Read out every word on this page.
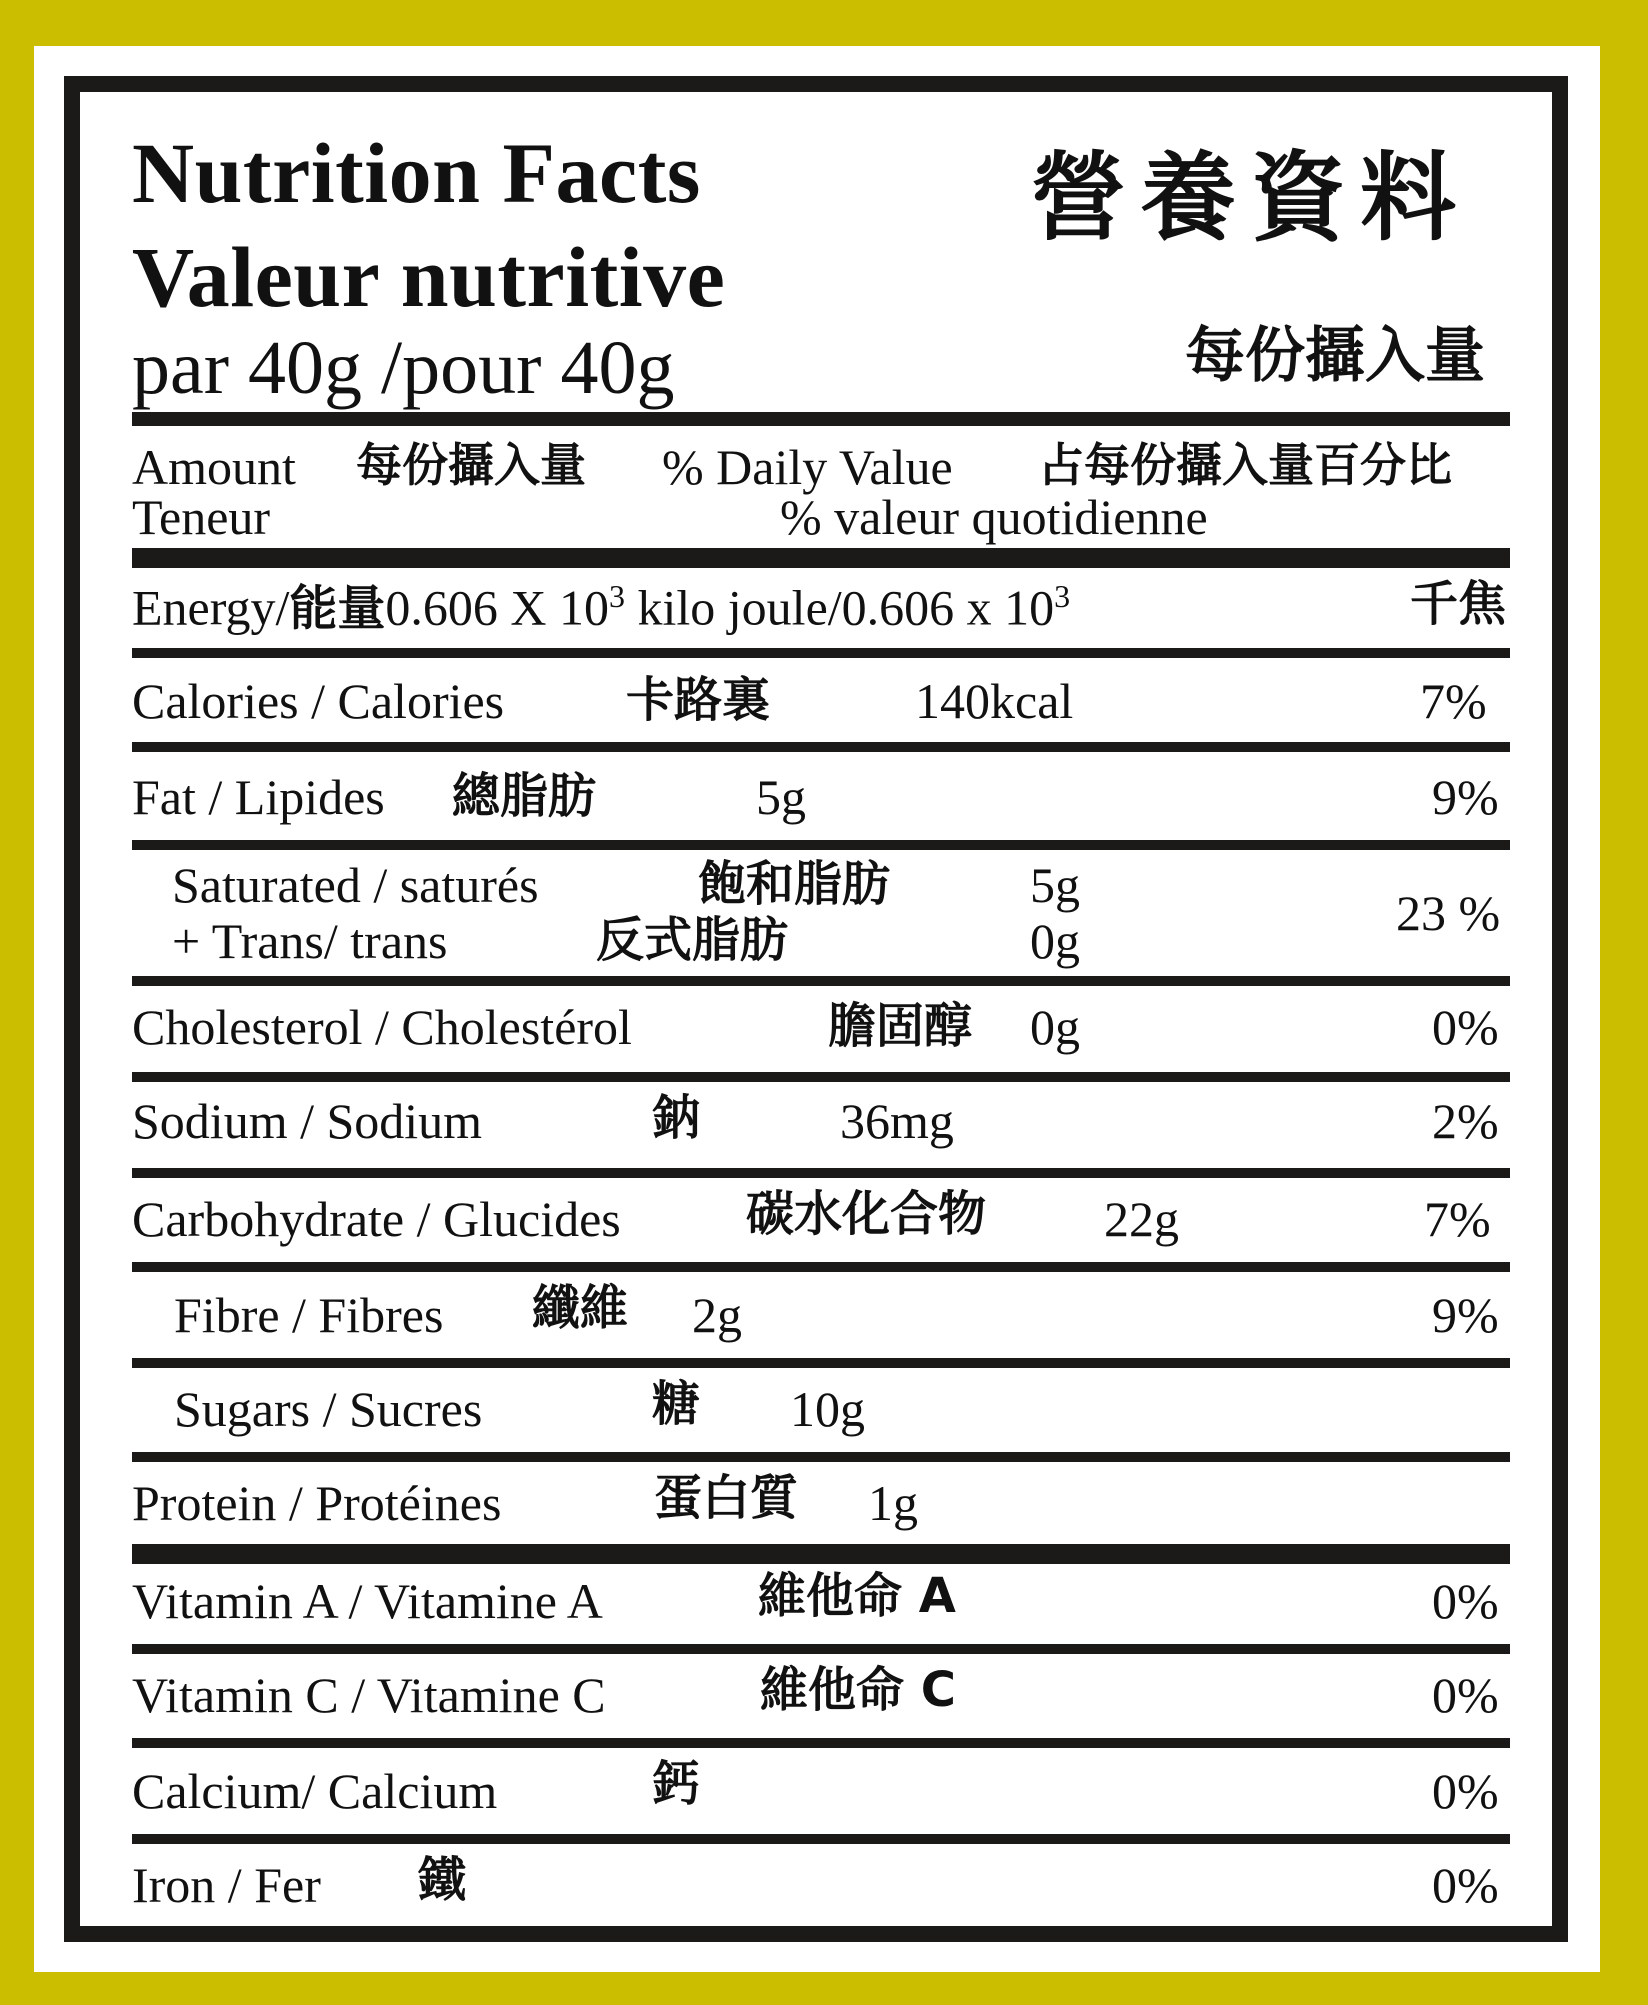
Nutrition Facts
Valeur nutritive
par 40g /pour 40g
營養資料
每份攝入量
Amount 每份攝入量 % Daily Value 占每份攝入量百分比
Teneur	% valeur quotidienne
Energy/能量0.606 X $10^3$ kilo joule/0.606 x $10^3$	千焦
Calories / Calories	卡路裏	140kcal	7%
Fat / Lipides 總脂肪	5g	9%
Saturated / saturés	飽和脂肪	5g
+ Trans/ trans	反式脂肪	0g	23 %
Cholesterol / Cholestérol	膽固醇 0g	0%
Sodium / Sodium	鈉	36mg	2%
Carbohydrate / Glucides	碳水化合物 22g	7%
Fibre / Fibres 纖維 2g	9%
Sugars / Sucres	糖 10g
Protein / Protéines	蛋白質 1g
Vitamin A / Vitamine A	維他命 A	0%
Vitamin C / Vitamine C	維他命 C	0%
Calcium/ Calcium	鈣	0%
Iron / Fer 鐵	0%
